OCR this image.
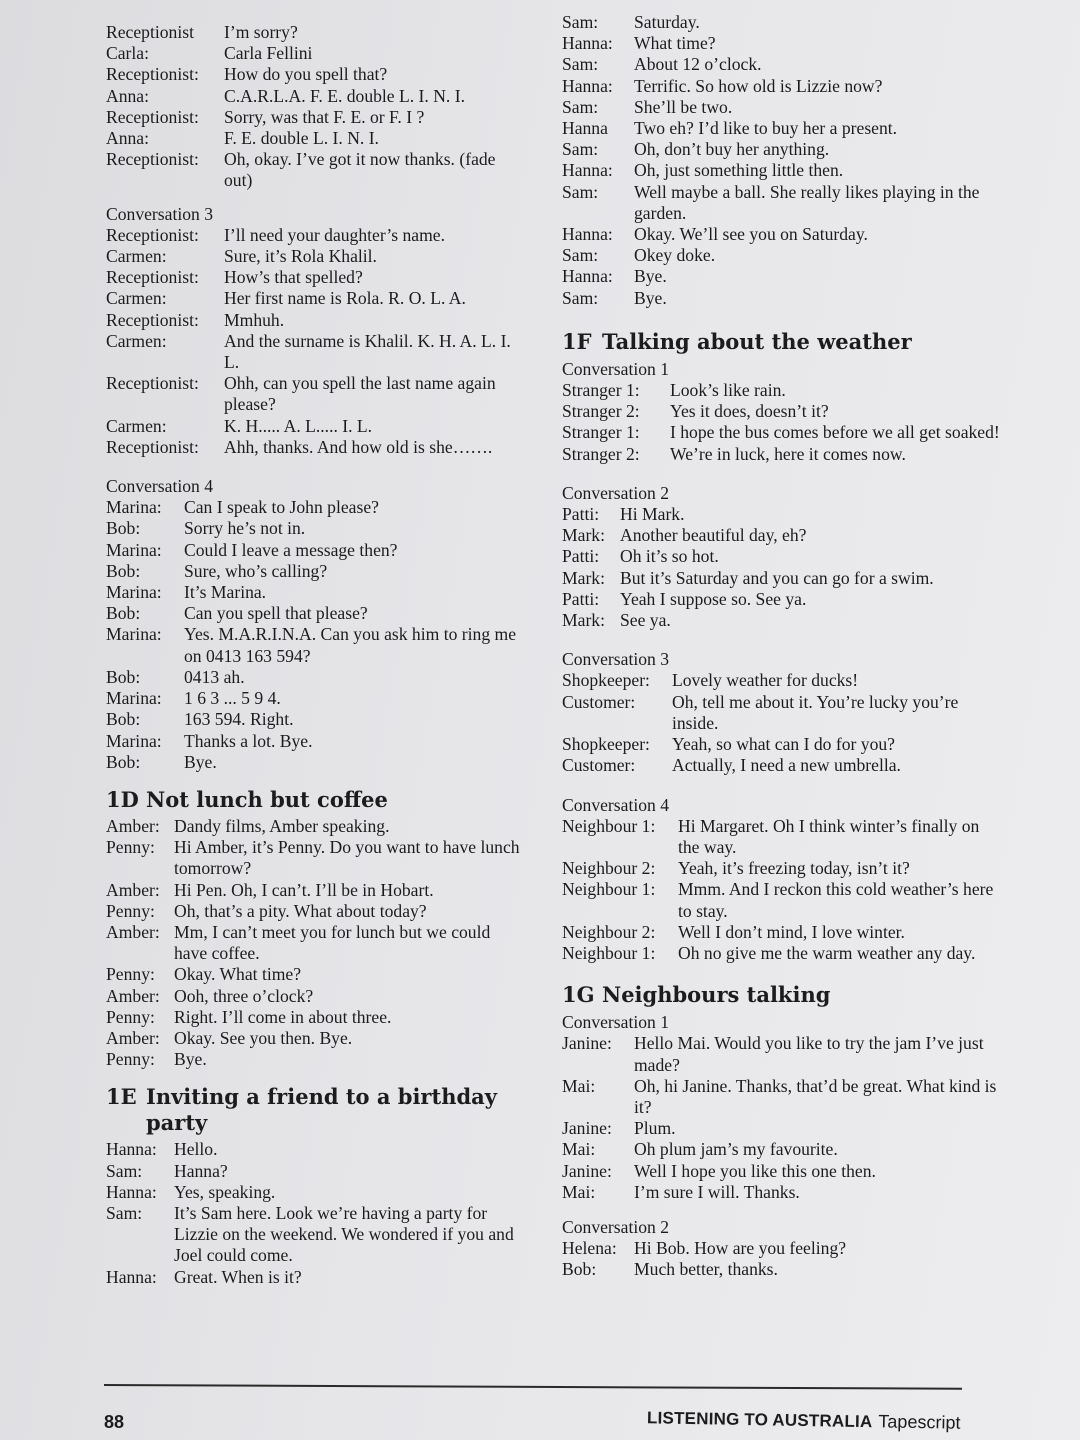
Receptionist	I’m sorry?
Carla:	Carla Fellini
Receptionist:	How do you spell that?
Anna:	C.A.R.L.A. F. E. double L. I. N. I.
Receptionist:	Sorry, was that F. E. or F. I ?
Anna:	F. E. double L. I. N. I.
Receptionist:	Oh, okay. I’ve got it now thanks. (fade out)
Conversation 3
Receptionist:	I’ll need your daughter’s name.
Carmen:	Sure, it’s Rola Khalil.
Receptionist:	How’s that spelled?
Carmen:	Her first name is Rola. R. O. L. A.
Receptionist:	Mmhuh.
Carmen:	And the surname is Khalil. K. H. A. L. I. L.
Receptionist:	Ohh, can you spell the last name again please?
Carmen:	K. H..... A. L..... I. L.
Receptionist:	Ahh, thanks. And how old is she…….
Conversation 4
Marina:	Can I speak to John please?
Bob:	Sorry he’s not in.
Marina:	Could I leave a message then?
Bob:	Sure, who’s calling?
Marina:	It’s Marina.
Bob:	Can you spell that please?
Marina:	Yes. M.A.R.I.N.A. Can you ask him to ring me on 0413 163 594?
Bob:	0413 ah.
Marina:	1 6 3 ... 5 9 4.
Bob:	163 594. Right.
Marina:	Thanks a lot. Bye.
Bob:	Bye.
1D Not lunch but coffee
Amber: Dandy films, Amber speaking.
Penny:	Hi Amber, it’s Penny. Do you want to have lunch tomorrow?
Amber: Hi Pen. Oh, I can’t. I’ll be in Hobart.
Penny:	Oh, that’s a pity. What about today?
Amber: Mm, I can’t meet you for lunch but we could have coffee.
Penny:	Okay. What time?
Amber: Ooh, three o’clock?
Penny:	Right. I’ll come in about three.
Amber: Okay. See you then. Bye.
Penny:	Bye.
1E Inviting a friend to a birthday party
Hanna: Hello.
Sam:	Hanna?
Hanna: Yes, speaking.
Sam:	It’s Sam here. Look we’re having a party for Lizzie on the weekend. We wondered if you and Joel could come.
Hanna: Great. When is it?
Sam:	Saturday.
Hanna:	What time?
Sam:	About 12 o’clock.
Hanna:	Terrific. So how old is Lizzie now?
Sam:	She’ll be two.
Hanna	Two eh? I’d like to buy her a present.
Sam:	Oh, don’t buy her anything.
Hanna:	Oh, just something little then.
Sam:	Well maybe a ball. She really likes playing in the garden.
Hanna:	Okay. We’ll see you on Saturday.
Sam:	Okey doke.
Hanna:	Bye.
Sam:	Bye.
1F Talking about the weather
Conversation 1
Stranger 1:	Look’s like rain.
Stranger 2:	Yes it does, doesn’t it?
Stranger 1:	I hope the bus comes before we all get soaked!
Stranger 2:	We’re in luck, here it comes now.
Conversation 2
Patti:	Hi Mark.
Mark: Another beautiful day, eh?
Patti:	Oh it’s so hot.
Mark: But it’s Saturday and you can go for a swim.
Patti:	Yeah I suppose so. See ya.
Mark: See ya.
Conversation 3
Shopkeeper:	Lovely weather for ducks!
Customer:	Oh, tell me about it. You’re lucky you’re inside.
Shopkeeper:	Yeah, so what can I do for you?
Customer:	Actually, I need a new umbrella.
Conversation 4
Neighbour 1:	Hi Margaret. Oh I think winter’s finally on the way.
Neighbour 2:	Yeah, it’s freezing today, isn’t it?
Neighbour 1:	Mmm. And I reckon this cold weather’s here to stay.
Neighbour 2:	Well I don’t mind, I love winter.
Neighbour 1:	Oh no give me the warm weather any day.
1G Neighbours talking
Conversation 1
Janine:	Hello Mai. Would you like to try the jam I’ve just made?
Mai:	Oh, hi Janine. Thanks, that’d be great. What kind is it?
Janine:	Plum.
Mai:	Oh plum jam’s my favourite.
Janine:	Well I hope you like this one then.
Mai:	I’m sure I will. Thanks.
Conversation 2
Helena: Hi Bob. How are you feeling?
Bob:	Much better, thanks.
88	LISTENING TO AUSTRALIA Tapescript
